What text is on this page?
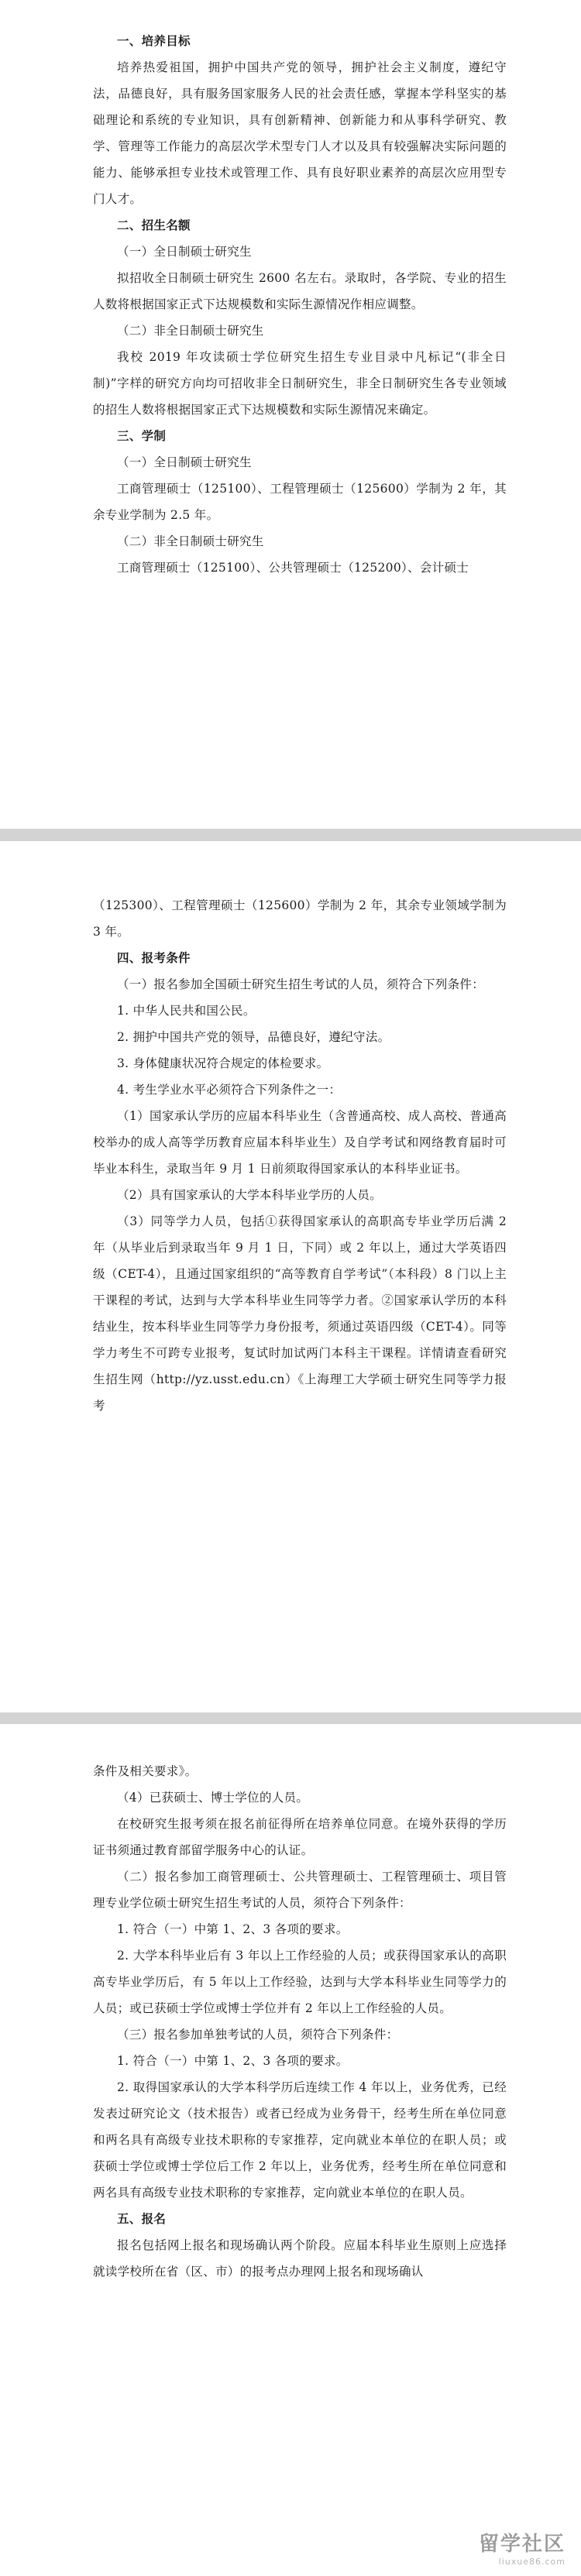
一、培养目标

培养热爱祖国，拥护中国共产党的领导，拥护社会主义制度，遵纪守法，品德良好，具有服务国家服务人民的社会责任感，掌握本学科坚实的基础理论和系统的专业知识，具有创新精神、创新能力和从事科学研究、教学、管理等工作能力的高层次学术型专门人才以及具有较强解决实际问题的能力、能够承担专业技术或管理工作、具有良好职业素养的高层次应用型专门人才。

二、招生名额

（一）全日制硕士研究生

拟招收全日制硕士研究生 2600 名左右。录取时，各学院、专业的招生人数将根据国家正式下达规模数和实际生源情况作相应调整。

（二）非全日制硕士研究生

我校 2019 年攻读硕士学位研究生招生专业目录中凡标记“(非全日制)”字样的研究方向均可招收非全日制研究生，非全日制研究生各专业领域的招生人数将根据国家正式下达规模数和实际生源情况来确定。

三、学制

（一）全日制硕士研究生

工商管理硕士（125100）、工程管理硕士（125600）学制为 2 年，其余专业学制为 2.5 年。

（二）非全日制硕士研究生

工商管理硕士（125100）、公共管理硕士（125200）、会计硕士

（125300）、工程管理硕士（125600）学制为 2 年，其余专业领域学制为 3 年。

四、报考条件

（一）报名参加全国硕士研究生招生考试的人员，须符合下列条件：

1. 中华人民共和国公民。

2. 拥护中国共产党的领导，品德良好，遵纪守法。

3. 身体健康状况符合规定的体检要求。

4. 考生学业水平必须符合下列条件之一：

（1）国家承认学历的应届本科毕业生（含普通高校、成人高校、普通高校举办的成人高等学历教育应届本科毕业生）及自学考试和网络教育届时可毕业本科生，录取当年 9 月 1 日前须取得国家承认的本科毕业证书。

（2）具有国家承认的大学本科毕业学历的人员。

（3）同等学力人员，包括①获得国家承认的高职高专毕业学历后满 2 年（从毕业后到录取当年 9 月 1 日，下同）或 2 年以上，通过大学英语四级（CET-4），且通过国家组织的“高等教育自学考试”（本科段）8 门以上主干课程的考试，达到与大学本科毕业生同等学力者。②国家承认学历的本科结业生，按本科毕业生同等学力身份报考，须通过英语四级（CET-4）。同等学力考生不可跨专业报考，复试时加试两门本科主干课程。详情请查看研究生招生网（http://yz.usst.edu.cn）《上海理工大学硕士研究生同等学力报考

条件及相关要求》。

（4）已获硕士、博士学位的人员。

在校研究生报考须在报名前征得所在培养单位同意。在境外获得的学历证书须通过教育部留学服务中心的认证。

（二）报名参加工商管理硕士、公共管理硕士、工程管理硕士、项目管理专业学位硕士研究生招生考试的人员，须符合下列条件：

1. 符合（一）中第 1、2、3 各项的要求。

2. 大学本科毕业后有 3 年以上工作经验的人员；或获得国家承认的高职高专毕业学历后，有 5 年以上工作经验，达到与大学本科毕业生同等学力的人员；或已获硕士学位或博士学位并有 2 年以上工作经验的人员。

（三）报名参加单独考试的人员，须符合下列条件：

1. 符合（一）中第 1、2、3 各项的要求。

2. 取得国家承认的大学本科学历后连续工作 4 年以上，业务优秀，已经发表过研究论文（技术报告）或者已经成为业务骨干，经考生所在单位同意和两名具有高级专业技术职称的专家推荐，定向就业本单位的在职人员；或获硕士学位或博士学位后工作 2 年以上，业务优秀，经考生所在单位同意和两名具有高级专业技术职称的专家推荐，定向就业本单位的在职人员。

五、报名

报名包括网上报名和现场确认两个阶段。应届本科毕业生原则上应选择就读学校所在省（区、市）的报考点办理网上报名和现场确认

留学社区
liuxue86.com
